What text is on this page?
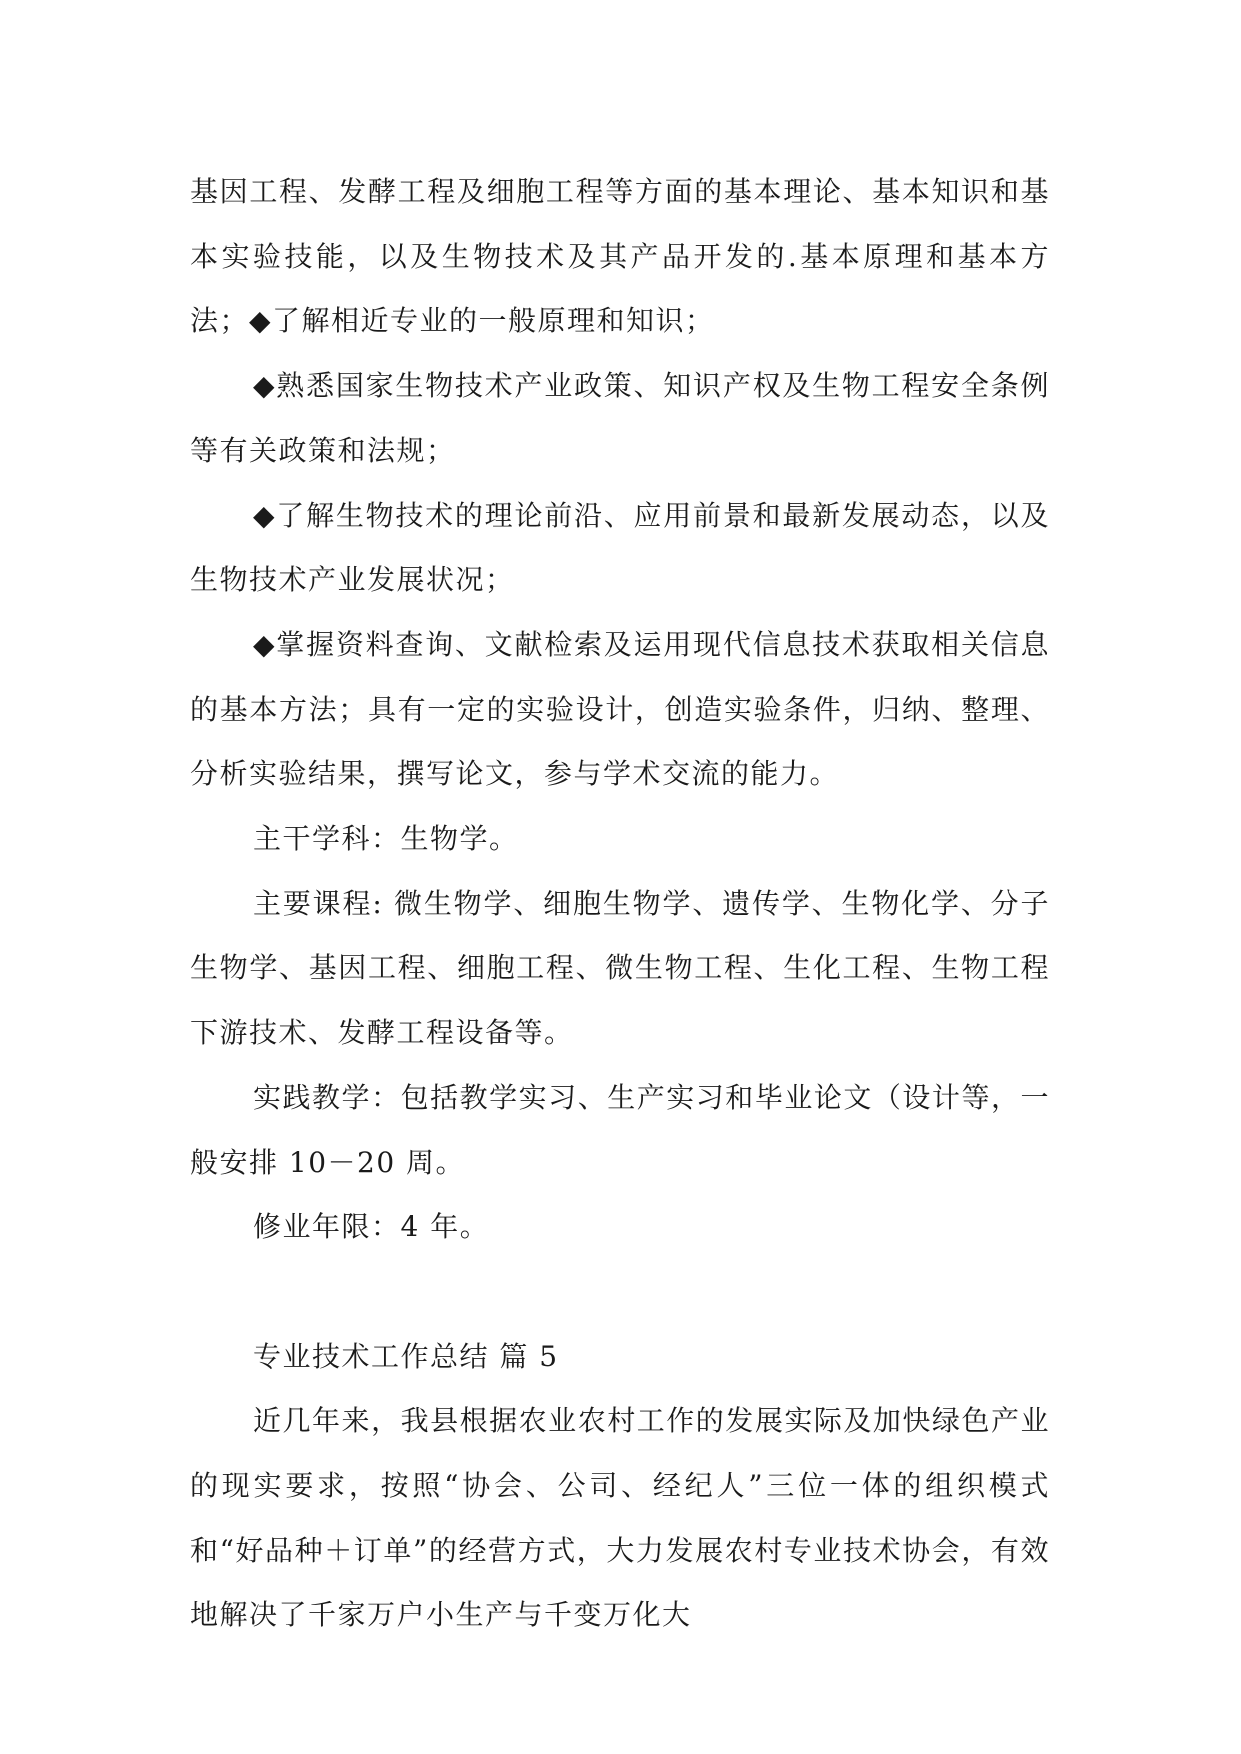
基因工程、发酵工程及细胞工程等方面的基本理论、基本知识和基本实验技能，以及生物技术及其产品开发的.基本原理和基本方法；◆了解相近专业的一般原理和知识；

◆熟悉国家生物技术产业政策、知识产权及生物工程安全条例等有关政策和法规；

◆了解生物技术的理论前沿、应用前景和最新发展动态，以及生物技术产业发展状况；

◆掌握资料查询、文献检索及运用现代信息技术获取相关信息的基本方法；具有一定的实验设计，创造实验条件，归纳、整理、分析实验结果，撰写论文，参与学术交流的能力。

主干学科：生物学。

主要课程: 微生物学、细胞生物学、遗传学、生物化学、分子生物学、基因工程、细胞工程、微生物工程、生化工程、生物工程下游技术、发酵工程设备等。

实践教学：包括教学实习、生产实习和毕业论文（设计等，一般安排 10－20 周。

修业年限：4 年。

专业技术工作总结 篇 5

近几年来，我县根据农业农村工作的发展实际及加快绿色产业的现实要求，按照“协会、公司、经纪人”三位一体的组织模式和“好品种＋订单”的经营方式，大力发展农村专业技术协会，有效地解决了千家万户小生产与千变万化大
